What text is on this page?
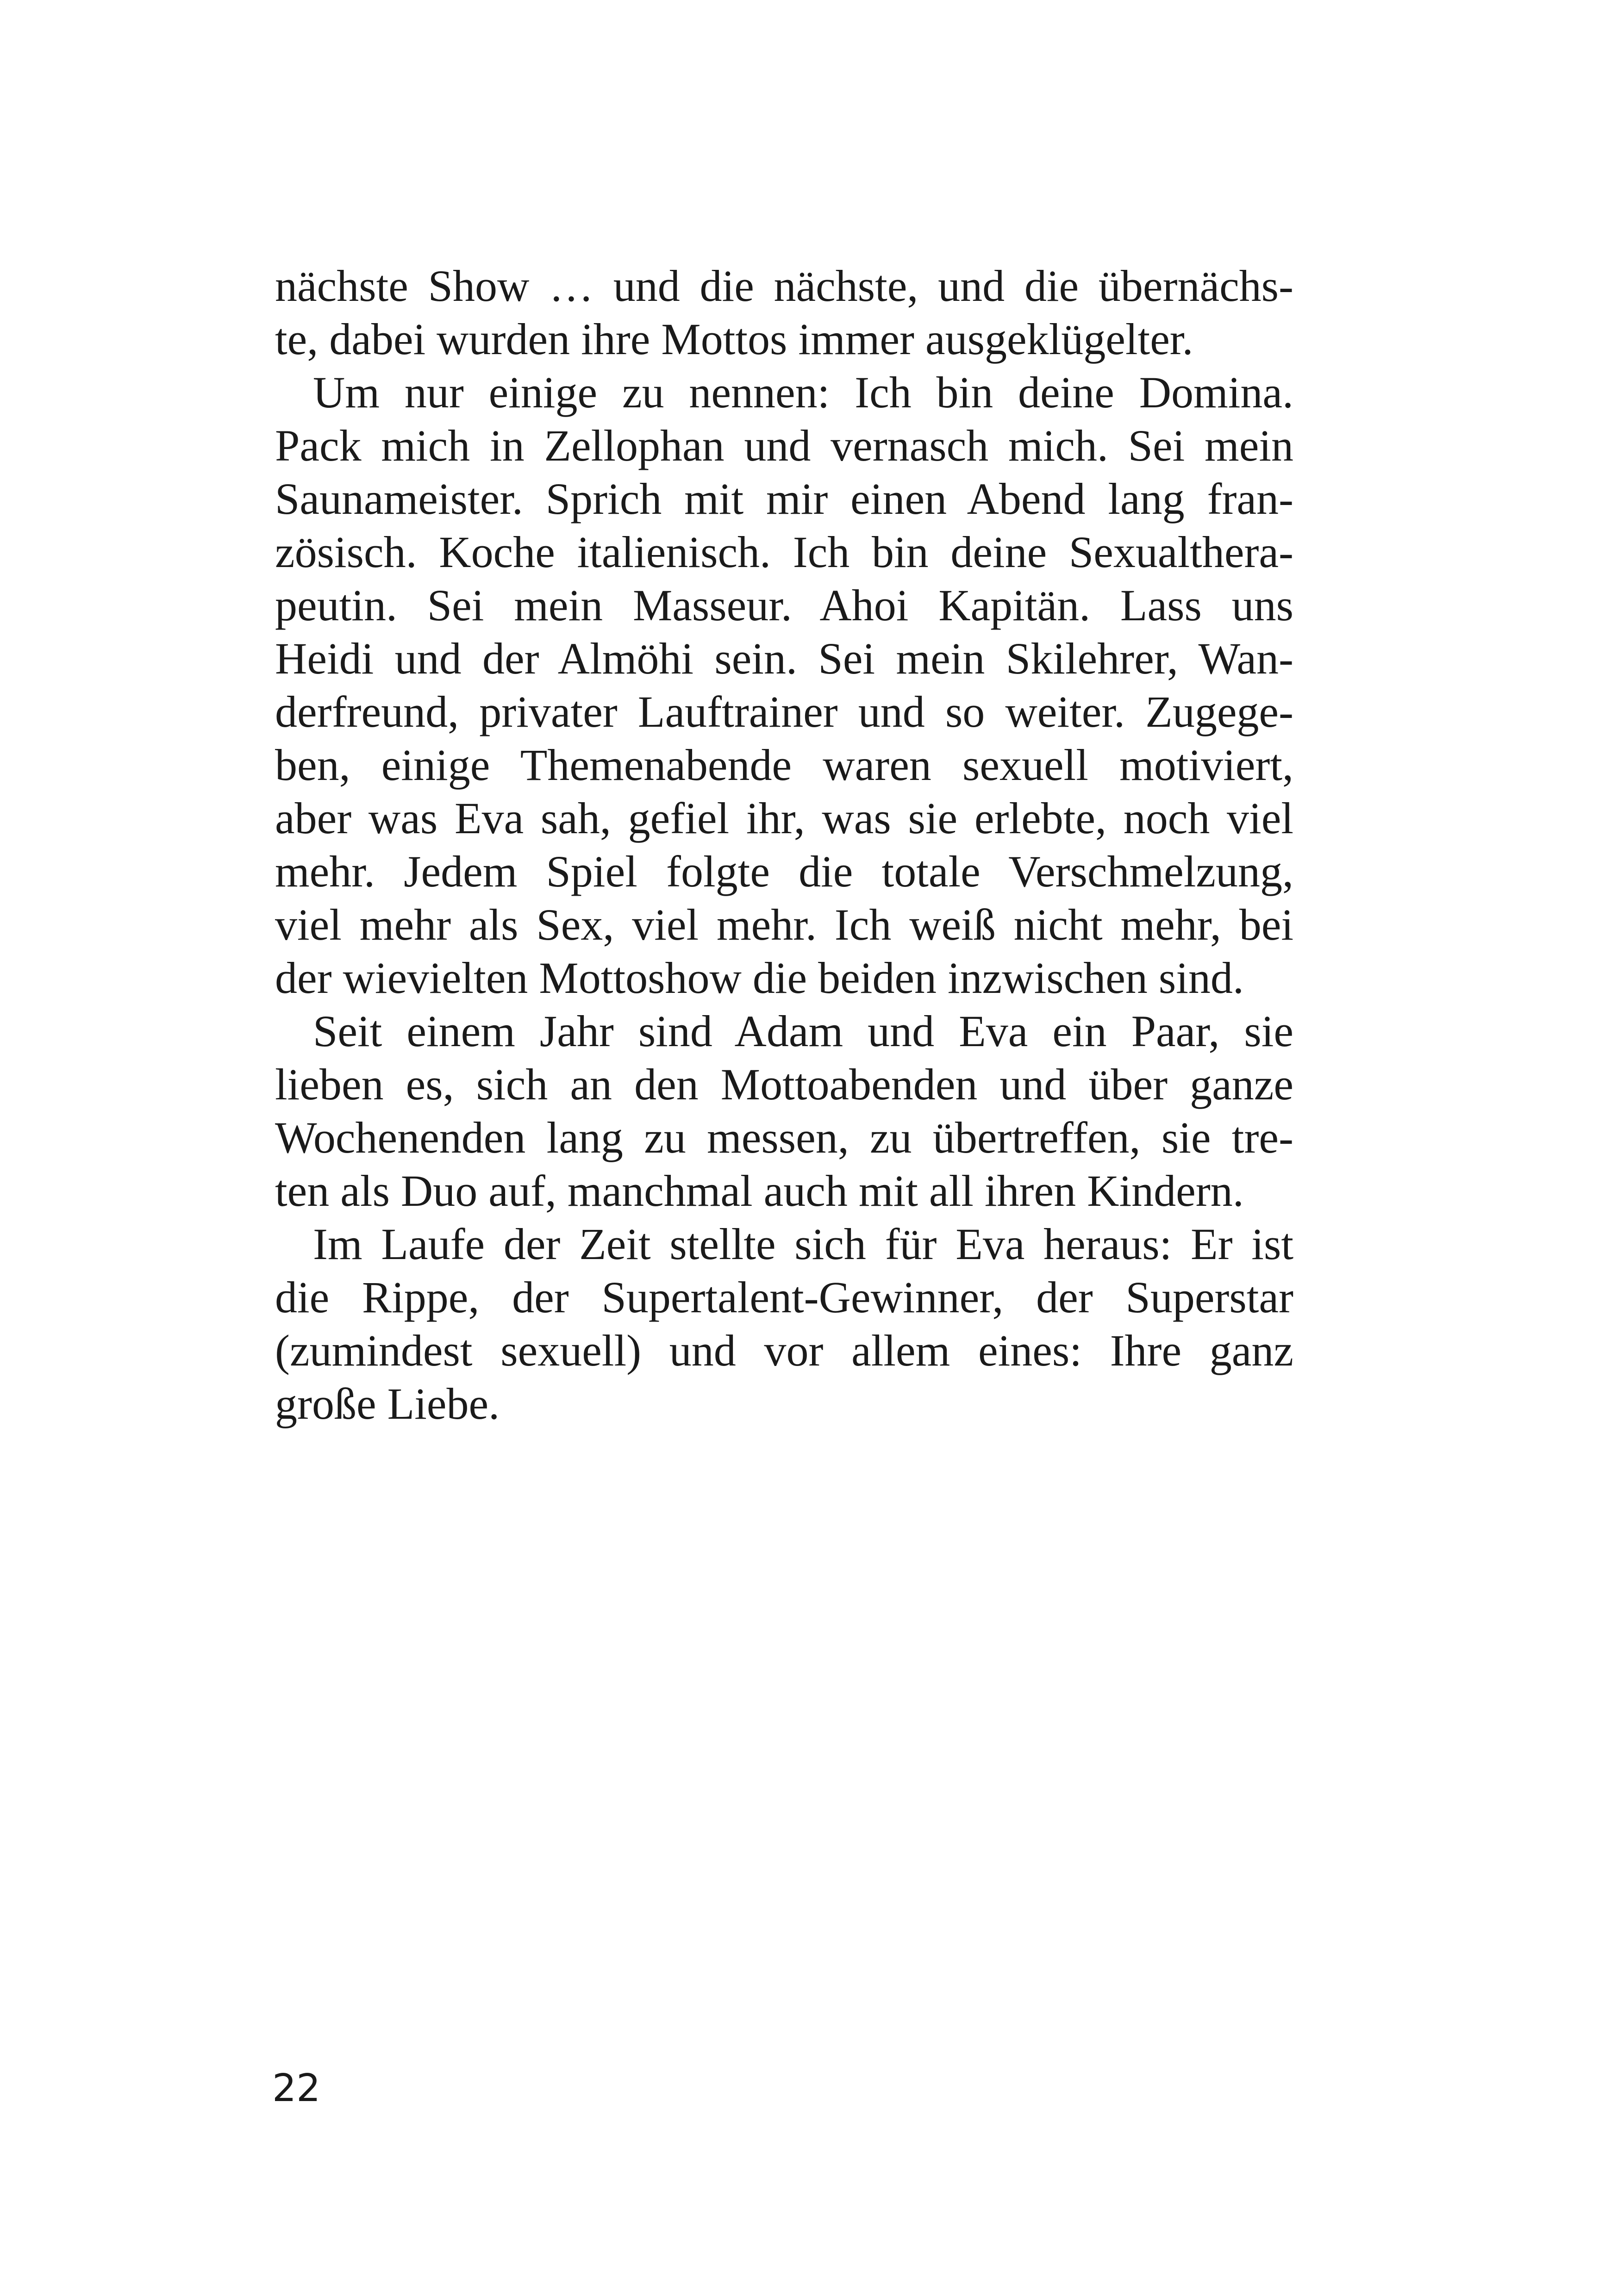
nächste Show … und die nächste, und die übernächs-
te, dabei wurden ihre Mottos immer ausgeklügelter.
Um nur einige zu nennen: Ich bin deine Domina.
Pack mich in Zellophan und vernasch mich. Sei mein
Saunameister. Sprich mit mir einen Abend lang fran-
zösisch. Koche italienisch. Ich bin deine Sexualthera-
peutin. Sei mein Masseur. Ahoi Kapitän. Lass uns
Heidi und der Almöhi sein. Sei mein Skilehrer, Wan-
derfreund, privater Lauftrainer und so weiter. Zugege-
ben, einige Themenabende waren sexuell motiviert,
aber was Eva sah, gefiel ihr, was sie erlebte, noch viel
mehr. Jedem Spiel folgte die totale Verschmelzung,
viel mehr als Sex, viel mehr. Ich weiß nicht mehr, bei
der wievielten Mottoshow die beiden inzwischen sind.
Seit einem Jahr sind Adam und Eva ein Paar, sie
lieben es, sich an den Mottoabenden und über ganze
Wochenenden lang zu messen, zu übertreffen, sie tre-
ten als Duo auf, manchmal auch mit all ihren Kindern.
Im Laufe der Zeit stellte sich für Eva heraus: Er ist
die Rippe, der Supertalent-Gewinner, der Superstar
(zumindest sexuell) und vor allem eines: Ihre ganz
große Liebe.
22
